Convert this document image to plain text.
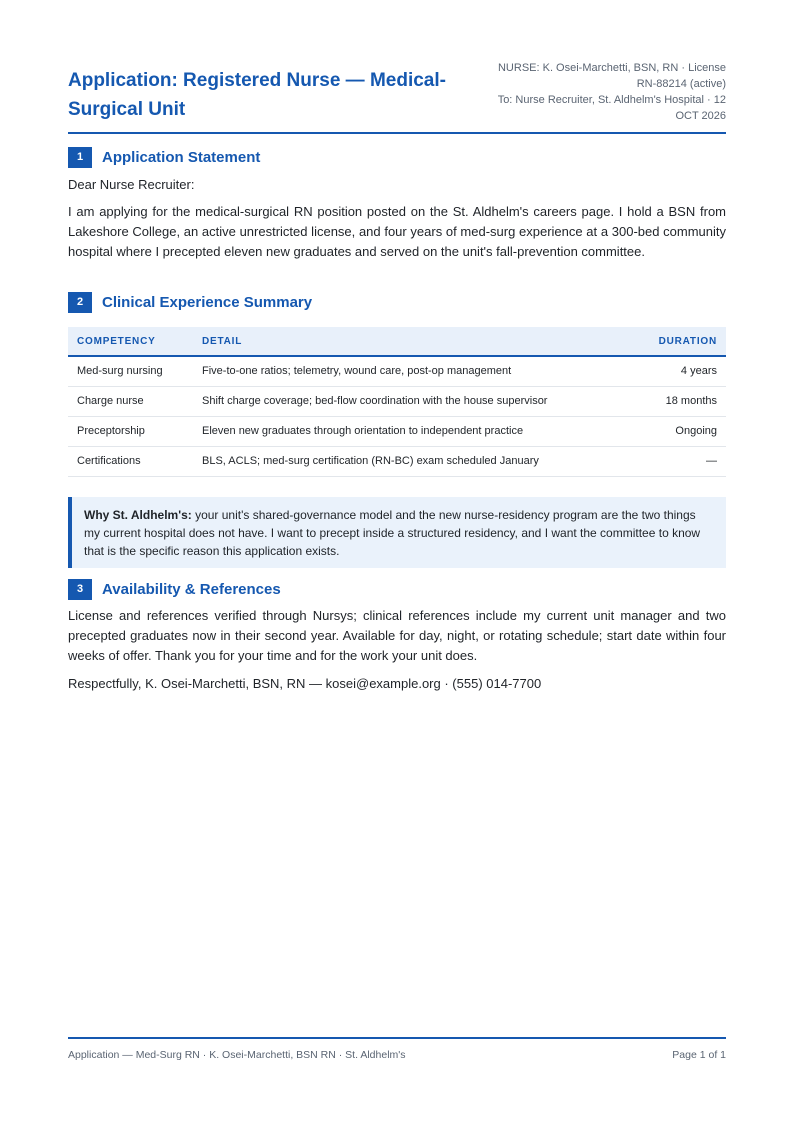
Application: Registered Nurse — Medical-Surgical Unit
NURSE: K. Osei-Marchetti, BSN, RN · License RN-88214 (active)
To: Nurse Recruiter, St. Aldhelm's Hospital · 12 OCT 2026
1	Application Statement
Dear Nurse Recruiter:
I am applying for the medical-surgical RN position posted on the St. Aldhelm's careers page. I hold a BSN from Lakeshore College, an active unrestricted license, and four years of med-surg experience at a 300-bed community hospital where I precepted eleven new graduates and served on the unit's fall-prevention committee.
2	Clinical Experience Summary
COMPETENCY	DETAIL	DURATION
Med-surg nursing	Five-to-one ratios; telemetry, wound care, post-op management	4 years
Charge nurse	Shift charge coverage; bed-flow coordination with the house supervisor	18 months
Preceptorship	Eleven new graduates through orientation to independent practice	Ongoing
Certifications	BLS, ACLS; med-surg certification (RN-BC) exam scheduled January	—
Why St. Aldhelm's: your unit's shared-governance model and the new nurse-residency program are the two things my current hospital does not have. I want to precept inside a structured residency, and I want the committee to know that is the specific reason this application exists.
3	Availability & References
License and references verified through Nursys; clinical references include my current unit manager and two precepted graduates now in their second year. Available for day, night, or rotating schedule; start date within four weeks of offer. Thank you for your time and for the work your unit does.
Respectfully, K. Osei-Marchetti, BSN, RN — kosei@example.org · (555) 014-7700
Application — Med-Surg RN · K. Osei-Marchetti, BSN RN · St. Aldhelm's	Page 1 of 1
